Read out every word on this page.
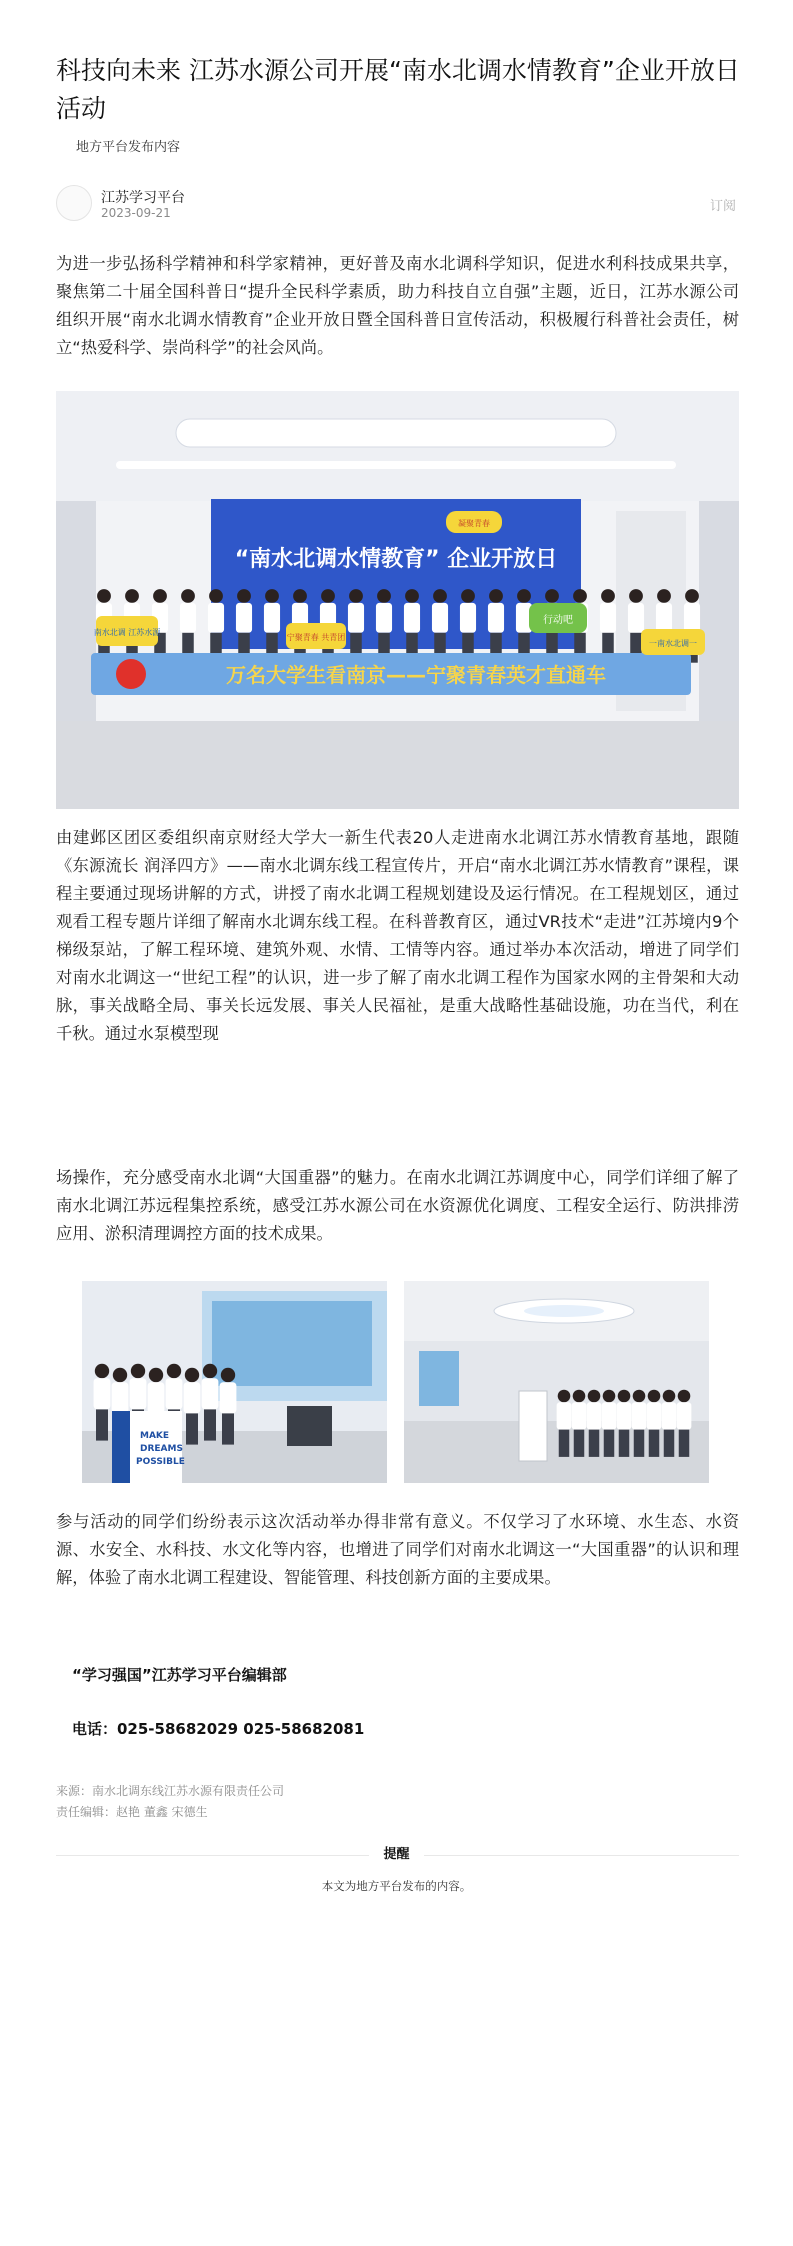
科技向未来 江苏水源公司开展“南水北调水情教育”企业开放日活动
地方平台发布内容
江苏学习平台
2023-09-21	订阅

为进一步弘扬科学精神和科学家精神，更好普及南水北调科学知识，促进水利科技成果共享，聚焦第二十届全国科普日“提升全民科学素质，助力科技自立自强”主题，近日，江苏水源公司组织开展“南水北调水情教育”企业开放日暨全国科普日宣传活动，积极履行科普社会责任，树立“热爱科学、崇尚科学”的社会风尚。

“南水北调水情教育” 企业开放日
万名大学生看南京——宁聚青春英才直通车
南水北调 江苏水源
行动吧
宁聚青春 共青团
一南水北调一
凝聚青春

由建邺区团区委组织南京财经大学大一新生代表20人走进南水北调江苏水情教育基地，跟随《东源流长 润泽四方》——南水北调东线工程宣传片，开启“南水北调江苏水情教育”课程，课程主要通过现场讲解的方式，讲授了南水北调工程规划建设及运行情况。在工程规划区，通过观看工程专题片详细了解南水北调东线工程。在科普教育区，通过VR技术“走进”江苏境内9个梯级泵站，了解工程环境、建筑外观、水情、工情等内容。通过举办本次活动，增进了同学们对南水北调这一“世纪工程”的认识，进一步了解了南水北调工程作为国家水网的主骨架和大动脉，事关战略全局、事关长远发展、事关人民福祉，是重大战略性基础设施，功在当代，利在千秋。通过水泵模型现

场操作，充分感受南水北调“大国重器”的魅力。在南水北调江苏调度中心，同学们详细了解了南水北调江苏远程集控系统，感受江苏水源公司在水资源优化调度、工程安全运行、防洪排涝应用、淤积清理调控方面的技术成果。

MAKE
DREAMS
POSSIBLE

参与活动的同学们纷纷表示这次活动举办得非常有意义。不仅学习了水环境、水生态、水资源、水安全、水科技、水文化等内容，也增进了同学们对南水北调这一“大国重器”的认识和理解，体验了南水北调工程建设、智能管理、科技创新方面的主要成果。

“学习强国”江苏学习平台编辑部
电话：025-58682029 025-58682081
来源：南水北调东线江苏水源有限责任公司
责任编辑：赵艳 董鑫 宋德生
提醒
本文为地方平台发布的内容。
